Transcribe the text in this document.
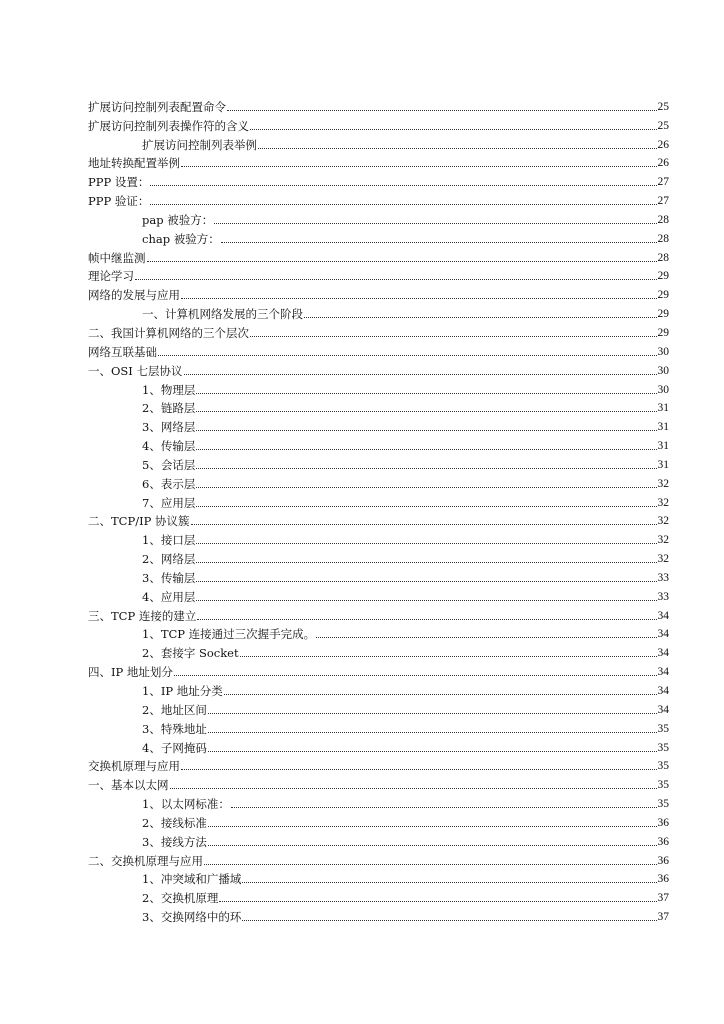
扩展访问控制列表配置命令	25
扩展访问控制列表操作符的含义	25
扩展访问控制列表举例	26
地址转换配置举例	26
PPP 设置：	27
PPP 验证：	27
pap 被验方：	28
chap 被验方：	28
帧中继监测	28
理论学习	29
网络的发展与应用	29
一、计算机网络发展的三个阶段	29
二、我国计算机网络的三个层次	29
网络互联基础	30
一、OSI 七层协议	30
1、物理层	30
2、链路层	31
3、网络层	31
4、传输层	31
5、会话层	31
6、表示层	32
7、应用层	32
二、TCP/IP 协议簇	32
1、接口层	32
2、网络层	32
3、传输层	33
4、应用层	33
三、TCP 连接的建立	34
1、TCP 连接通过三次握手完成。	34
2、套接字 Socket	34
四、IP 地址划分	34
1、IP 地址分类	34
2、地址区间	34
3、特殊地址	35
4、子网掩码	35
交换机原理与应用	35
一、基本以太网	35
1、以太网标准：	35
2、接线标准	36
3、接线方法	36
二、交换机原理与应用	36
1、冲突域和广播域	36
2、交换机原理	37
3、交换网络中的环	37
